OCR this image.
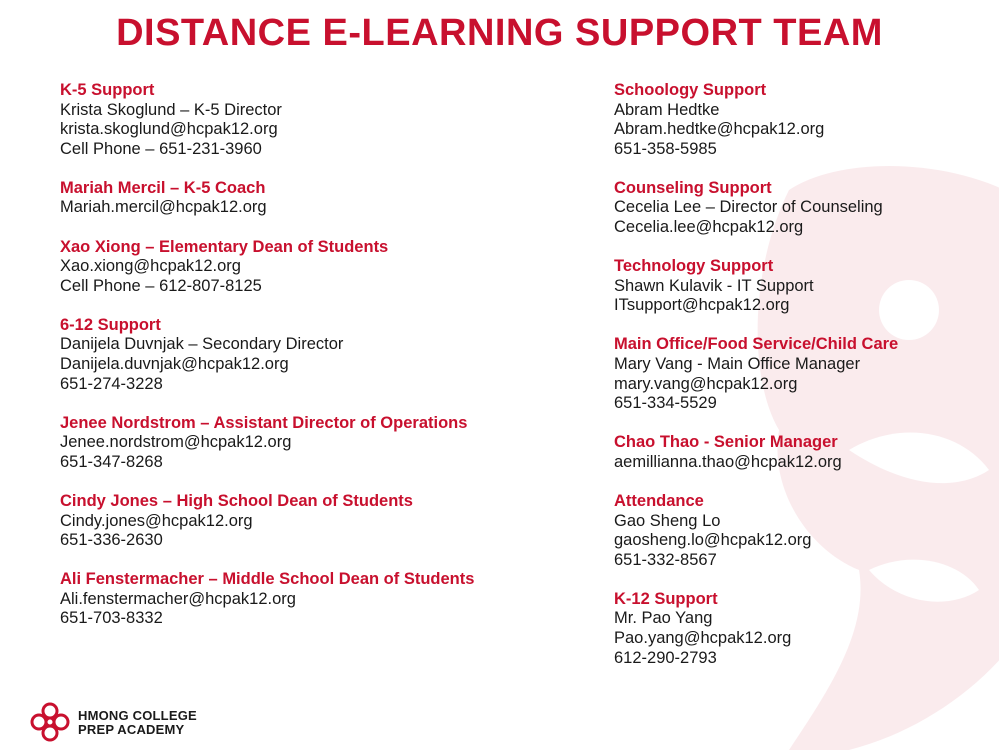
DISTANCE E-LEARNING SUPPORT TEAM
K-5 Support
Krista Skoglund – K-5 Director
krista.skoglund@hcpak12.org
Cell Phone – 651-231-3960
Mariah Mercil – K-5 Coach
Mariah.mercil@hcpak12.org
Xao Xiong – Elementary Dean of Students
Xao.xiong@hcpak12.org
Cell Phone – 612-807-8125
6-12 Support
Danijela Duvnjak – Secondary Director
Danijela.duvnjak@hcpak12.org
651-274-3228
Jenee Nordstrom – Assistant Director of Operations
Jenee.nordstrom@hcpak12.org
651-347-8268
Cindy Jones – High School Dean of Students
Cindy.jones@hcpak12.org
651-336-2630
Ali Fenstermacher – Middle School Dean of Students
Ali.fenstermacher@hcpak12.org
651-703-8332
Schoology Support
Abram Hedtke
Abram.hedtke@hcpak12.org
651-358-5985
Counseling Support
Cecelia Lee – Director of Counseling
Cecelia.lee@hcpak12.org
Technology Support
Shawn Kulavik - IT Support
ITsupport@hcpak12.org
Main Office/Food Service/Child Care
Mary Vang - Main Office Manager
mary.vang@hcpak12.org
651-334-5529
Chao Thao - Senior Manager
aemillianna.thao@hcpak12.org
Attendance
Gao Sheng Lo
gaosheng.lo@hcpak12.org
651-332-8567
K-12 Support
Mr. Pao Yang
Pao.yang@hcpak12.org
612-290-2793
HMONG COLLEGE
PREP ACADEMY
